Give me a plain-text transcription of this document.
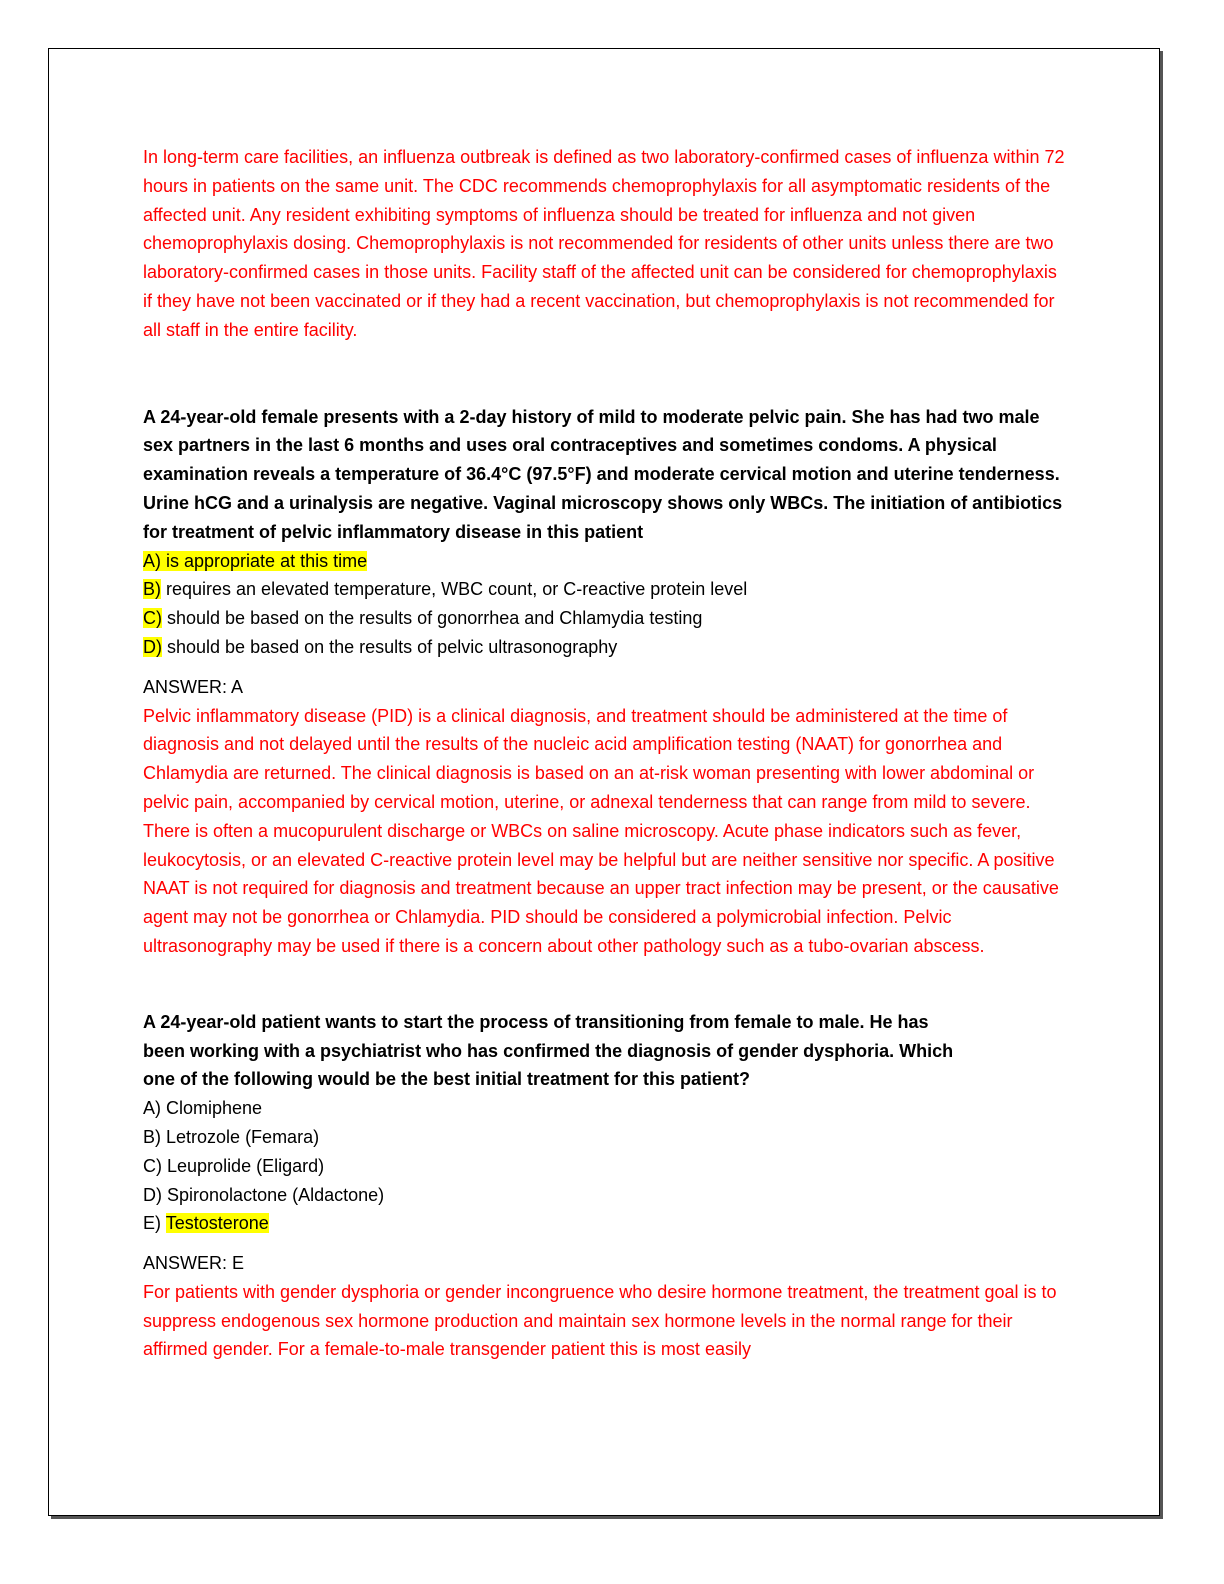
In long-term care facilities, an influenza outbreak is defined as two laboratory-confirmed cases of influenza within 72 hours in patients on the same unit. The CDC recommends chemoprophylaxis for all asymptomatic residents of the affected unit. Any resident exhibiting symptoms of influenza should be treated for influenza and not given chemoprophylaxis dosing. Chemoprophylaxis is not recommended for residents of other units unless there are two laboratory-confirmed cases in those units. Facility staff of the affected unit can be considered for chemoprophylaxis if they have not been vaccinated or if they had a recent vaccination, but chemoprophylaxis is not recommended for all staff in the entire facility.

A 24-year-old female presents with a 2-day history of mild to moderate pelvic pain. She has had two male sex partners in the last 6 months and uses oral contraceptives and sometimes condoms. A physical examination reveals a temperature of 36.4°C (97.5°F) and moderate cervical motion and uterine tenderness. Urine hCG and a urinalysis are negative. Vaginal microscopy shows only WBCs. The initiation of antibiotics for treatment of pelvic inflammatory disease in this patient

A) is appropriate at this time

B) requires an elevated temperature, WBC count, or C-reactive protein level

C) should be based on the results of gonorrhea and Chlamydia testing

D) should be based on the results of pelvic ultrasonography

ANSWER: A

Pelvic inflammatory disease (PID) is a clinical diagnosis, and treatment should be administered at the time of diagnosis and not delayed until the results of the nucleic acid amplification testing (NAAT) for gonorrhea and Chlamydia are returned. The clinical diagnosis is based on an at-risk woman presenting with lower abdominal or pelvic pain, accompanied by cervical motion, uterine, or adnexal tenderness that can range from mild to severe. There is often a mucopurulent discharge or WBCs on saline microscopy. Acute phase indicators such as fever, leukocytosis, or an elevated C-reactive protein level may be helpful but are neither sensitive nor specific. A positive NAAT is not required for diagnosis and treatment because an upper tract infection may be present, or the causative agent may not be gonorrhea or Chlamydia. PID should be considered a polymicrobial infection. Pelvic ultrasonography may be used if there is a concern about other pathology such as a tubo-ovarian abscess.

A 24-year-old patient wants to start the process of transitioning from female to male. He has

been working with a psychiatrist who has confirmed the diagnosis of gender dysphoria. Which

one of the following would be the best initial treatment for this patient?

A) Clomiphene

B) Letrozole (Femara)

C) Leuprolide (Eligard)

D) Spironolactone (Aldactone)

E) Testosterone

ANSWER: E

For patients with gender dysphoria or gender incongruence who desire hormone treatment, the treatment goal is to suppress endogenous sex hormone production and maintain sex hormone levels in the normal range for their affirmed gender. For a female-to-male transgender patient this is most easily
